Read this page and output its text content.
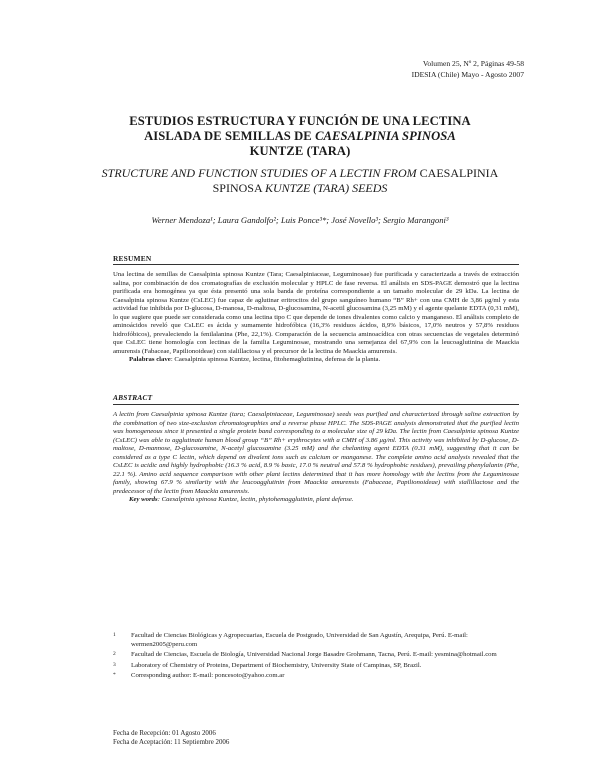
Volumen 25, Nº 2, Páginas 49-58
IDESIA (Chile) Mayo - Agosto 2007
ESTUDIOS ESTRUCTURA Y FUNCIÓN DE UNA LECTINA
AISLADA DE SEMILLAS DE CAESALPINIA SPINOSA
KUNTZE (TARA)
STRUCTURE AND FUNCTION STUDIES OF A LECTIN FROM CAESALPINIA
SPINOSA KUNTZE (TARA) SEEDS
Werner Mendoza¹; Laura Gandolfo²; Luis Ponce³*; José Novello³; Sergio Marangoni³
RESUMEN
Una lectina de semillas de Caesalpinia spinosa Kuntze (Tara; Caesalpiniaceae, Leguminosae) fue purificada y caracterizada a través de extracción salina, por combinación de dos cromatografías de exclusión molecular y HPLC de fase reversa. El análisis en SDS-PAGE demostró que la lectina purificada era homogénea ya que ésta presentó una sola banda de proteína correspondiente a un tamaño molecular de 29 kDa. La lectina de Caesalpinia spinosa Kuntze (CsLEC) fue capaz de aglutinar eritrocitos del grupo sanguíneo humano “B” Rh+ con una CMH de 3,86 μg/ml y esta actividad fue inhibida por D-glucosa, D-manosa, D-maltosa, D-glucosamina, N-acetil glucosamina (3,25 mM) y el agente quelante EDTA (0,31 mM), lo que sugiere que puede ser considerada como una lectina tipo C que depende de iones divalentes como calcio y manganeso. El análisis completo de aminoácidos reveló que CsLEC es ácida y sumamente hidrofóbica (16,3% residuos ácidos, 8,9% básicos, 17,0% neutros y 57,8% residuos hidrofóbicos), prevaleciendo la fenilalanina (Phe, 22,1%). Comparación de la secuencia aminoacídica con otras secuencias de vegetales determinó que CsLEC tiene homología con lectinas de la familia Leguminosae, mostrando una semejanza del 67,9% con la leucoaglutinina de Maackia amurensis (Fabaceae, Papilionoideae) con sialillactosa y el precursor de la lectina de Maackia amurensis.
Palabras clave: Caesalpinia spinosa Kuntze, lectina, fitohemaglutinina, defensa de la planta.
ABSTRACT
A lectin from Caesalpinia spinosa Kuntze (tara; Caesalpiniaceae, Leguminosae) seeds was purified and characterized through saline extraction by the combination of two size-exclusion chromatographies and a reverse phase HPLC. The SDS-PAGE analysis demonstrated that the purified lectin was homogeneous since it presented a single protein band corresponding to a molecular size of 29 kDa. The lectin from Caesalpinia spinosa Kuntze (CsLEC) was able to agglutinate human blood group “B” Rh+ erythrocytes with a CMH of 3.86 μg/ml. This activity was inhibited by D-glucose, D-maltose, D-mannose, D-glucosamine, N-acetyl glucosamine (3.25 mM) and the chelanting agent EDTA (0.31 mM), suggesting that it can be considered as a type C lectin, which depend on divalent ions such as calcium or manganese. The complete amino acid analysis revealed that the CsLEC is acidic and highly hydrophobic (16.3 % acid, 8.9 % basic, 17.0 % neutral and 57.8 % hydrophobic residues), prevailing phenylalanin (Phe, 22.1 %). Amino acid sequence comparison with other plant lectins determined that it has more homology with the lectins from the Leguminosae family, showing 67.9 % similarity with the leucoagglutinin from Maackia amurensis (Fabaceae, Papilionoideae) with siallillactose and the predecessor of the lectin from Maackia amurensis.
Key words: Caesalpinia spinosa Kuntze, lectin, phytohemagglutinin, plant defense.
1 Facultad de Ciencias Biológicas y Agropecuarias, Escuela de Postgrado, Universidad de San Agustín, Arequipa, Perú. E-mail: wermen2005@peru.com
2 Facultad de Ciencias, Escuela de Biología, Universidad Nacional Jorge Basadre Grohmann, Tacna, Perú. E-mail: yesmina@hotmail.com
3 Laboratory of Chemistry of Proteins, Department of Biochemistry, University State of Campinas, SP, Brazil.
* Corresponding author: E-mail: poncesoto@yahoo.com.ar
Fecha de Recepción: 01 Agosto 2006
Fecha de Aceptación: 11 Septiembre 2006
